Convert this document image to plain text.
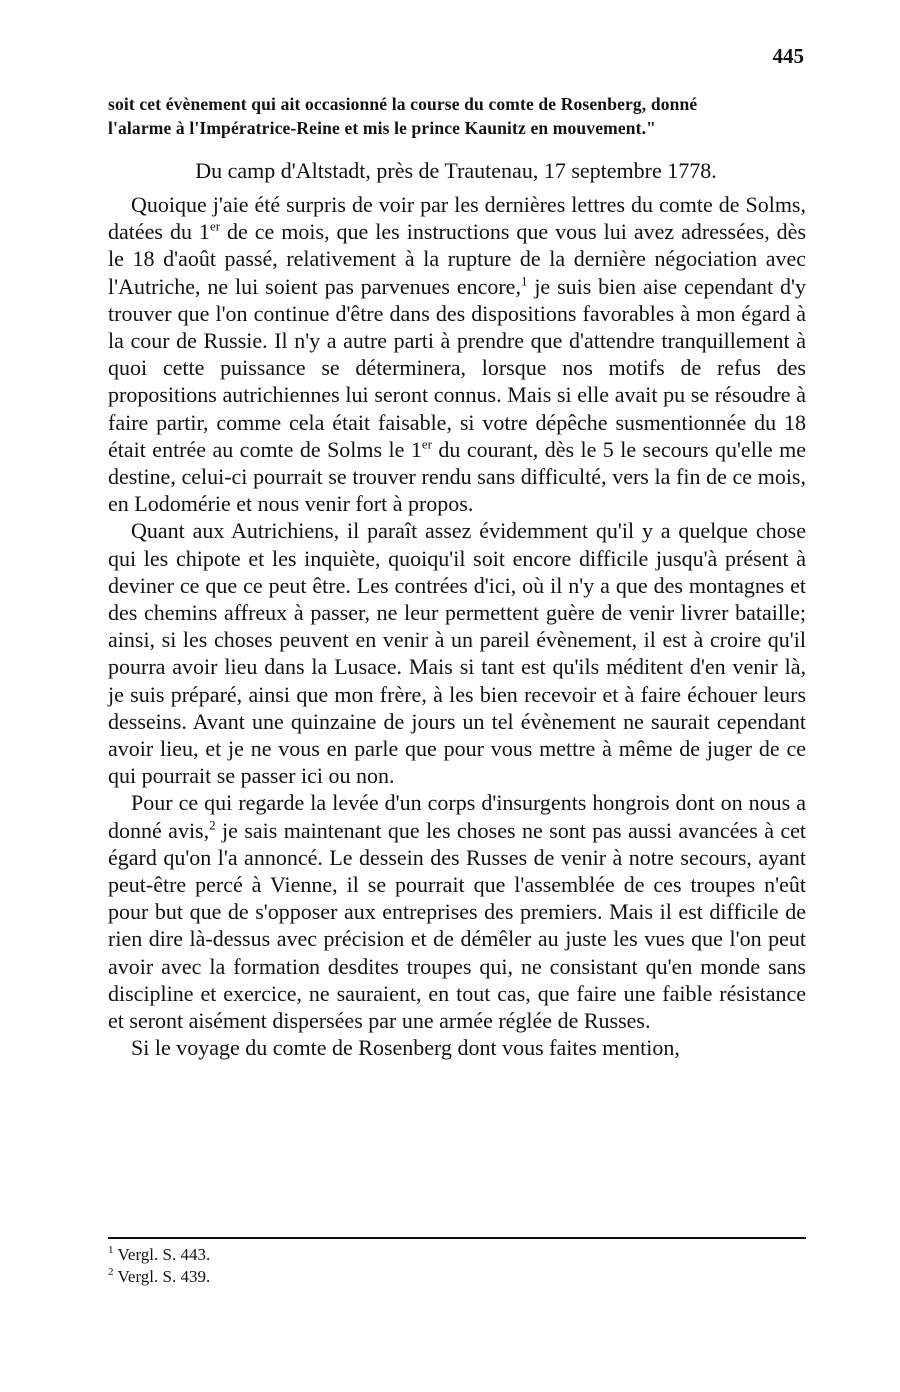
445
soit cet évènement qui ait occasionné la course du comte de Rosenberg, donné
l'alarme à l'Impératrice-Reine et mis le prince Kaunitz en mouvement."
Du camp d'Altstadt, près de Trautenau, 17 septembre 1778.

Quoique j'aie été surpris de voir par les dernières lettres du comte de Solms, datées du 1er de ce mois, que les instructions que vous lui avez adressées, dès le 18 d'août passé, relativement à la rupture de la dernière négociation avec l'Autriche, ne lui soient pas parvenues encore,$^1$ je suis bien aise cependant d'y trouver que l'on continue d'être dans des dispositions favorables à mon égard à la cour de Russie. Il n'y a autre parti à prendre que d'attendre tranquillement à quoi cette puissance se déterminera, lorsque nos motifs de refus des propositions autrichiennes lui seront connus. Mais si elle avait pu se résoudre à faire partir, comme cela était faisable, si votre dépêche susmentionnée du 18 était entrée au comte de Solms le 1er du courant, dès le 5 le secours qu'elle me destine, celui-ci pourrait se trouver rendu sans difficulté, vers la fin de ce mois, en Lodomérie et nous venir fort à propos.

Quant aux Autrichiens, il paraît assez évidemment qu'il y a quelque chose qui les chipote et les inquiète, quoiqu'il soit encore difficile jusqu'à présent à deviner ce que ce peut être. Les contrées d'ici, où il n'y a que des montagnes et des chemins affreux à passer, ne leur permettent guère de venir livrer bataille; ainsi, si les choses peuvent en venir à un pareil évènement, il est à croire qu'il pourra avoir lieu dans la Lusace. Mais si tant est qu'ils méditent d'en venir là, je suis préparé, ainsi que mon frère, à les bien recevoir et à faire échouer leurs desseins. Avant une quinzaine de jours un tel évènement ne saurait cependant avoir lieu, et je ne vous en parle que pour vous mettre à même de juger de ce qui pourrait se passer ici ou non.

Pour ce qui regarde la levée d'un corps d'insurgents hongrois dont on nous a donné avis,$^2$ je sais maintenant que les choses ne sont pas aussi avancées à cet égard qu'on l'a annoncé. Le dessein des Russes de venir à notre secours, ayant peut-être percé à Vienne, il se pourrait que l'assemblée de ces troupes n'eût pour but que de s'opposer aux entreprises des premiers. Mais il est difficile de rien dire là-dessus avec précision et de démêler au juste les vues que l'on peut avoir avec la formation desdites troupes qui, ne consistant qu'en monde sans discipline et exercice, ne sauraient, en tout cas, que faire une faible résistance et seront aisément dispersées par une armée réglée de Russes.

Si le voyage du comte de Rosenberg dont vous faites mention,

$^1$ Vergl. S. 443.
$^2$ Vergl. S. 439.
